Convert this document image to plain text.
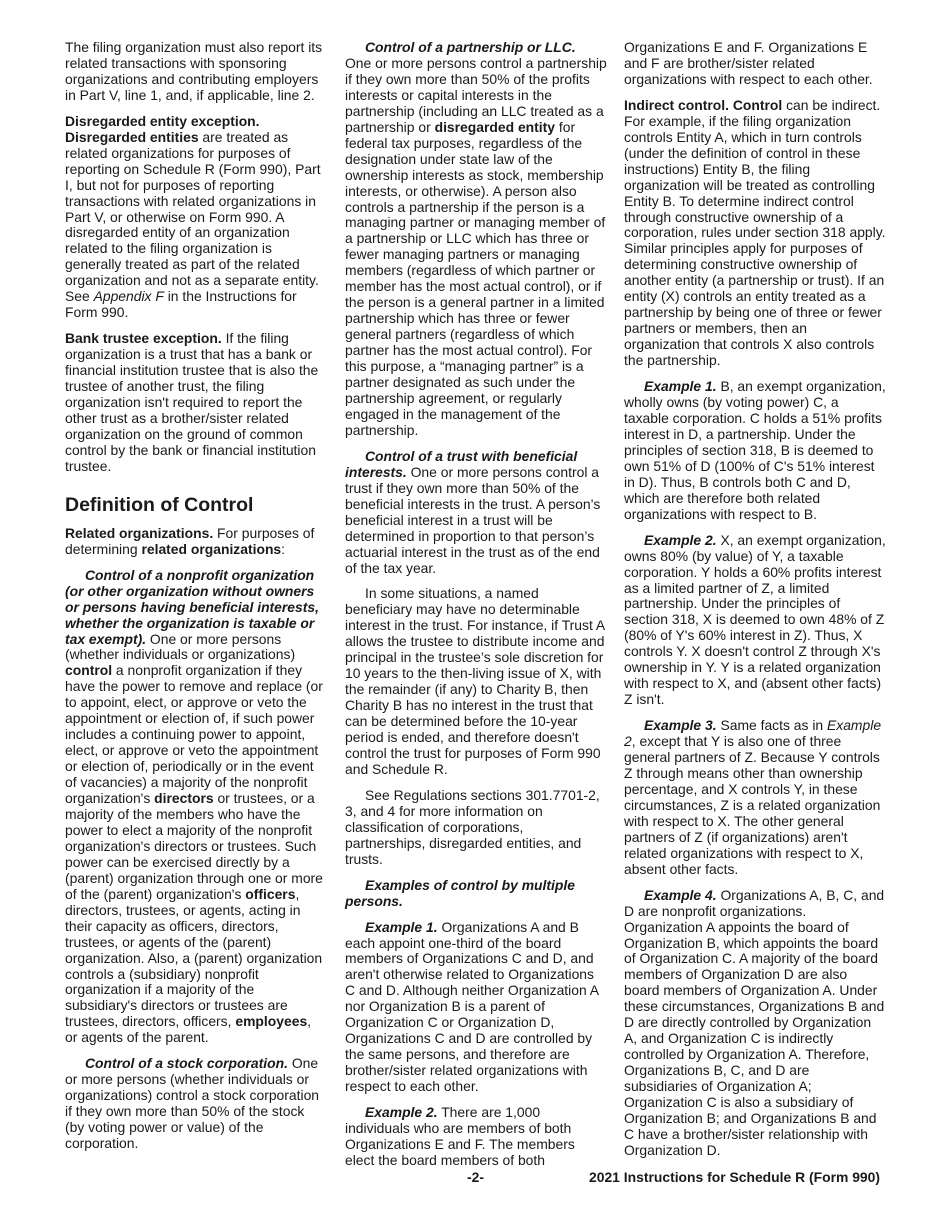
The filing organization must also report its related transactions with sponsoring organizations and contributing employers in Part V, line 1, and, if applicable, line 2.

Disregarded entity exception. Disregarded entities are treated as related organizations for purposes of reporting on Schedule R (Form 990), Part I, but not for purposes of reporting transactions with related organizations in Part V, or otherwise on Form 990. A disregarded entity of an organization related to the filing organization is generally treated as part of the related organization and not as a separate entity. See Appendix F in the Instructions for Form 990.

Bank trustee exception. If the filing organization is a trust that has a bank or financial institution trustee that is also the trustee of another trust, the filing organization isn't required to report the other trust as a brother/sister related organization on the ground of common control by the bank or financial institution trustee.

Definition of Control

Related organizations. For purposes of determining related organizations:

Control of a nonprofit organization (or other organization without owners or persons having beneficial interests, whether the organization is taxable or tax exempt). One or more persons (whether individuals or organizations) control a nonprofit organization if they have the power to remove and replace (or to appoint, elect, or approve or veto the appointment or election of, if such power includes a continuing power to appoint, elect, or approve or veto the appointment or election of, periodically or in the event of vacancies) a majority of the nonprofit organization's directors or trustees, or a majority of the members who have the power to elect a majority of the nonprofit organization's directors or trustees. Such power can be exercised directly by a (parent) organization through one or more of the (parent) organization's officers, directors, trustees, or agents, acting in their capacity as officers, directors, trustees, or agents of the (parent) organization. Also, a (parent) organization controls a (subsidiary) nonprofit organization if a majority of the subsidiary's directors or trustees are trustees, directors, officers, employees, or agents of the parent.

Control of a stock corporation. One or more persons (whether individuals or organizations) control a stock corporation if they own more than 50% of the stock (by voting power or value) of the corporation.

Control of a partnership or LLC.
One or more persons control a partnership if they own more than 50% of the profits interests or capital interests in the partnership (including an LLC treated as a partnership or disregarded entity for federal tax purposes, regardless of the designation under state law of the ownership interests as stock, membership interests, or otherwise). A person also controls a partnership if the person is a managing partner or managing member of a partnership or LLC which has three or fewer managing partners or managing members (regardless of which partner or member has the most actual control), or if the person is a general partner in a limited partnership which has three or fewer general partners (regardless of which partner has the most actual control). For this purpose, a “managing partner” is a partner designated as such under the partnership agreement, or regularly engaged in the management of the partnership.

Control of a trust with beneficial interests. One or more persons control a trust if they own more than 50% of the beneficial interests in the trust. A person’s beneficial interest in a trust will be determined in proportion to that person’s actuarial interest in the trust as of the end of the tax year.

In some situations, a named beneficiary may have no determinable interest in the trust. For instance, if Trust A allows the trustee to distribute income and principal in the trustee’s sole discretion for 10 years to the then-living issue of X, with the remainder (if any) to Charity B, then Charity B has no interest in the trust that can be determined before the 10-year period is ended, and therefore doesn't control the trust for purposes of Form 990 and Schedule R.

See Regulations sections 301.7701-2, 3, and 4 for more information on classification of corporations, partnerships, disregarded entities, and trusts.

Examples of control by multiple persons.

Example 1. Organizations A and B each appoint one-third of the board members of Organizations C and D, and aren't otherwise related to Organizations C and D. Although neither Organization A nor Organization B is a parent of Organization C or Organization D, Organizations C and D are controlled by the same persons, and therefore are brother/sister related organizations with respect to each other.

Example 2. There are 1,000 individuals who are members of both Organizations E and F. The members elect the board members of both

Organizations E and F. Organizations E and F are brother/sister related organizations with respect to each other.

Indirect control. Control can be indirect. For example, if the filing organization controls Entity A, which in turn controls (under the definition of control in these instructions) Entity B, the filing organization will be treated as controlling Entity B. To determine indirect control through constructive ownership of a corporation, rules under section 318 apply. Similar principles apply for purposes of determining constructive ownership of another entity (a partnership or trust). If an entity (X) controls an entity treated as a partnership by being one of three or fewer partners or members, then an organization that controls X also controls the partnership.

Example 1. B, an exempt organization, wholly owns (by voting power) C, a taxable corporation. C holds a 51% profits interest in D, a partnership. Under the principles of section 318, B is deemed to own 51% of D (100% of C's 51% interest in D). Thus, B controls both C and D, which are therefore both related organizations with respect to B.

Example 2. X, an exempt organization, owns 80% (by value) of Y, a taxable corporation. Y holds a 60% profits interest as a limited partner of Z, a limited partnership. Under the principles of section 318, X is deemed to own 48% of Z (80% of Y's 60% interest in Z). Thus, X controls Y. X doesn't control Z through X's ownership in Y. Y is a related organization with respect to X, and (absent other facts) Z isn't.

Example 3. Same facts as in Example 2, except that Y is also one of three general partners of Z. Because Y controls Z through means other than ownership percentage, and X controls Y, in these circumstances, Z is a related organization with respect to X. The other general partners of Z (if organizations) aren't related organizations with respect to X, absent other facts.

Example 4. Organizations A, B, C, and D are nonprofit organizations. Organization A appoints the board of Organization B, which appoints the board of Organization C. A majority of the board members of Organization D are also board members of Organization A. Under these circumstances, Organizations B and D are directly controlled by Organization A, and Organization C is indirectly controlled by Organization A. Therefore, Organizations B, C, and D are subsidiaries of Organization A; Organization C is also a subsidiary of Organization B; and Organizations B and C have a brother/sister relationship with Organization D.

-2-	2021 Instructions for Schedule R (Form 990)
